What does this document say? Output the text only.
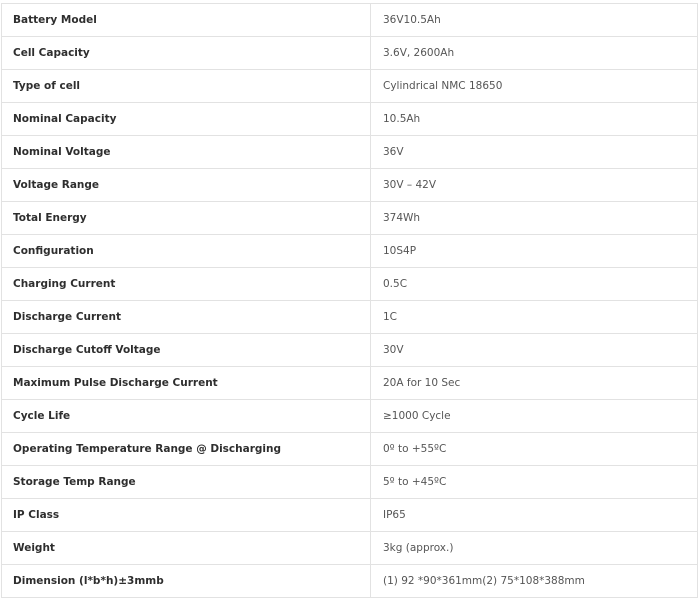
Battery Model	36V10.5Ah
Cell Capacity	3.6V, 2600Ah
Type of cell	Cylindrical NMC 18650
Nominal Capacity	10.5Ah
Nominal Voltage	36V
Voltage Range	30V – 42V
Total Energy	374Wh
Configuration	10S4P
Charging Current	0.5C
Discharge Current	1C
Discharge Cutoff Voltage	30V
Maximum Pulse Discharge Current	20A for 10 Sec
Cycle Life	≥1000 Cycle
Operating Temperature Range @ Discharging	0º to +55ºC
Storage Temp Range	5º to +45ºC
IP Class	IP65
Weight	3kg (approx.)
Dimension (l*b*h)±3mmb	(1) 92 *90*361mm(2) 75*108*388mm
